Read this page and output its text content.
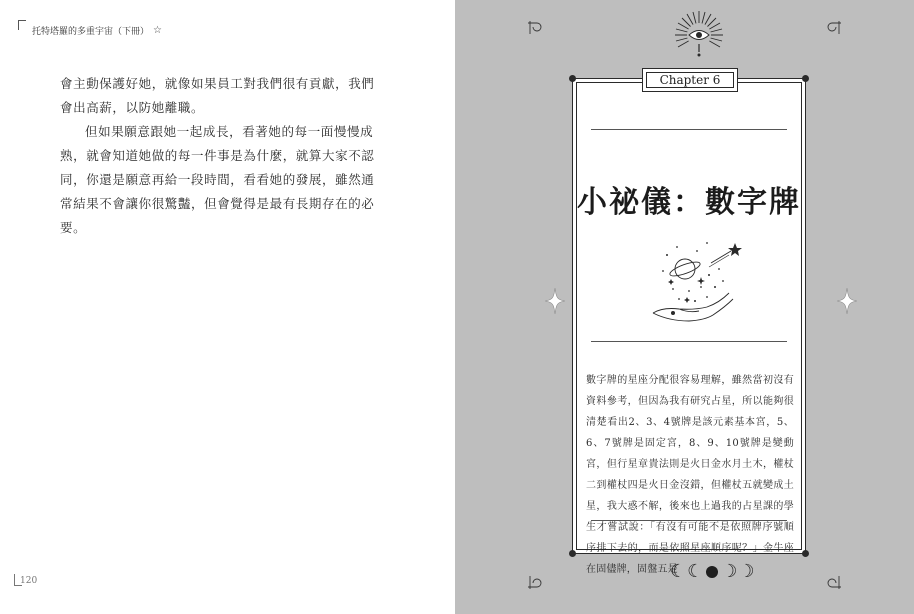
托特塔羅的多重宇宙（下冊） ☆

會主動保護好她，就像如果員工對我們很有貢獻，我們會出高薪，以防她離職。

但如果願意跟她一起成長，看著她的每一面慢慢成熟，就會知道她做的每一件事是為什麼，就算大家不認同，你還是願意再給一段時間，看看她的發展，雖然通常結果不會讓你很驚豔，但會覺得是最有長期存在的必要。

120
Chapter 6
小祕儀：數字牌
數字牌的星座分配很容易理解，雖然當初沒有資料參考，但因為我有研究占星，所以能夠很清楚看出2、3、4號牌是該元素基本宮，5、6、7號牌是固定宮，8、9、10號牌是變動宮，但行星章貴法則是火日金水月土木，權杖二到權杖四是火日金沒錯，但權杖五就變成土星，我大惑不解，後來也上過我的占星課的學生才嘗試說：「有沒有可能不是依照牌序號順序排下去的，而是依照星座順序呢？」金牛座在固儘牌，固盤五是
☾ ☾ ☽ ☽
